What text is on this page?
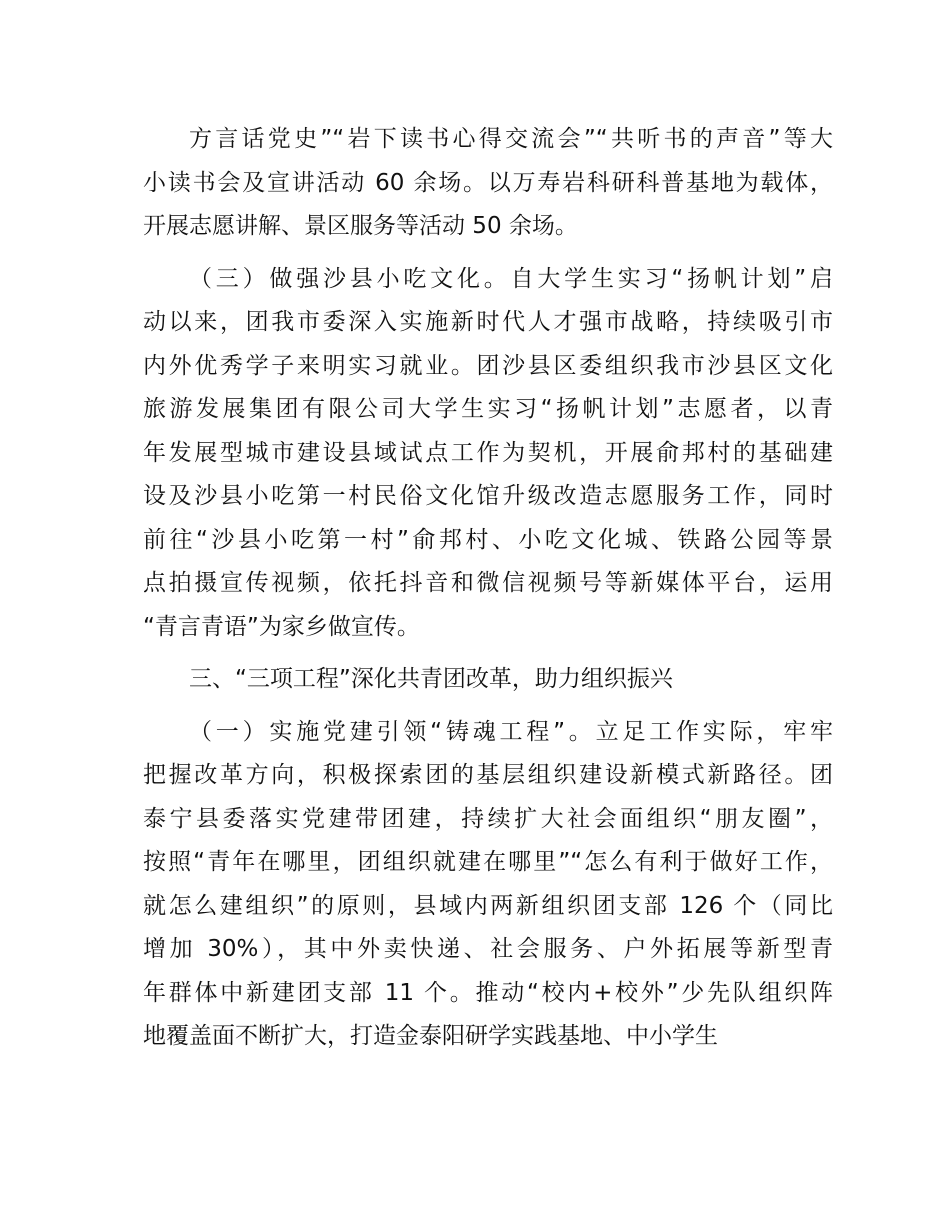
方言话党史”“岩下读书心得交流会”“共听书的声音”等大
小读书会及宣讲活动 60 余场。以万寿岩科研科普基地为载体，
开展志愿讲解、景区服务等活动 50 余场。
（三）做强沙县小吃文化。自大学生实习“扬帆计划”启
动以来，团我市委深入实施新时代人才强市战略，持续吸引市
内外优秀学子来明实习就业。团沙县区委组织我市沙县区文化
旅游发展集团有限公司大学生实习“扬帆计划”志愿者，以青
年发展型城市建设县域试点工作为契机，开展俞邦村的基础建
设及沙县小吃第一村民俗文化馆升级改造志愿服务工作，同时
前往“沙县小吃第一村”俞邦村、小吃文化城、铁路公园等景
点拍摄宣传视频，依托抖音和微信视频号等新媒体平台，运用
“青言青语”为家乡做宣传。
三、“三项工程”深化共青团改革，助力组织振兴
（一）实施党建引领“铸魂工程”。立足工作实际，牢牢
把握改革方向，积极探索团的基层组织建设新模式新路径。团
泰宁县委落实党建带团建，持续扩大社会面组织“朋友圈”，
按照“青年在哪里，团组织就建在哪里”“怎么有利于做好工作，
就怎么建组织”的原则，县域内两新组织团支部 126 个（同比
增加 30%），其中外卖快递、社会服务、户外拓展等新型青
年群体中新建团支部 11 个。推动“校内+校外”少先队组织阵
地覆盖面不断扩大，打造金泰阳研学实践基地、中小学生
